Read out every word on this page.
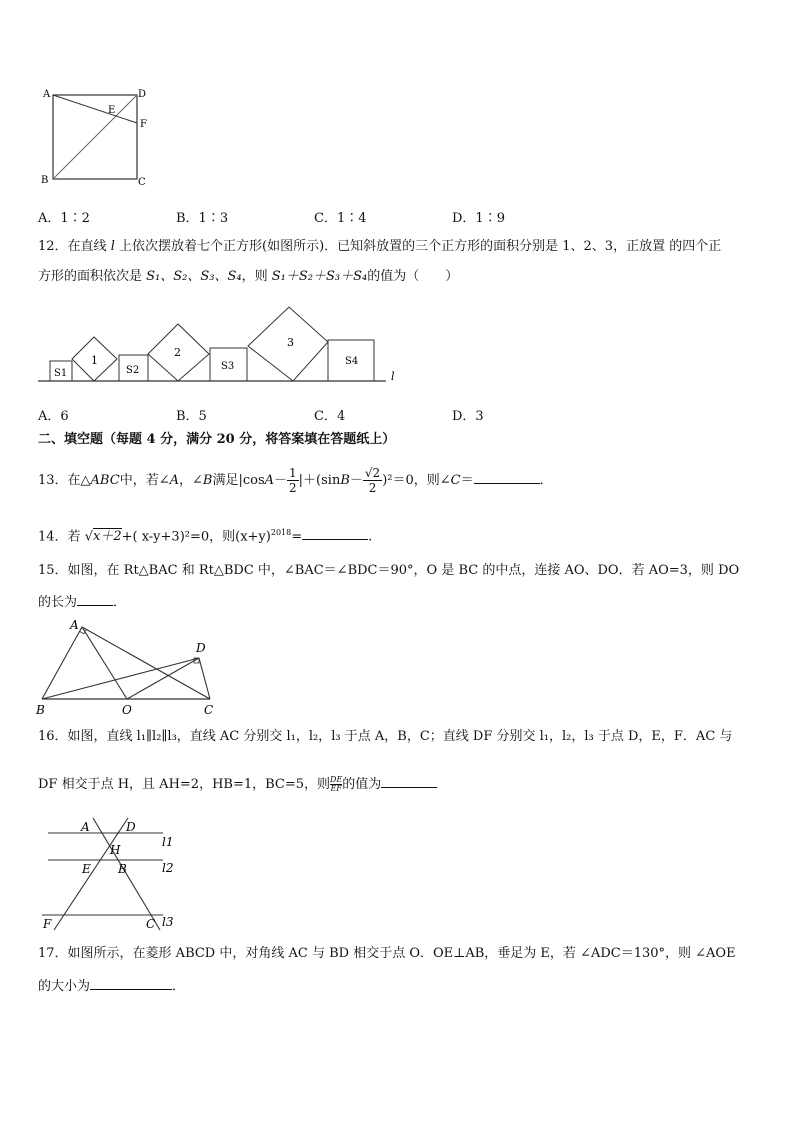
A	D
E
F
B	C
A．1∶2	B．1∶3	C．1∶4	D．1∶9
12．在直线 l 上依次摆放着七个正方形(如图所示)．已知斜放置的三个正方形的面积分别是 1、2、3，正放置 的四个正
方形的面积依次是 S₁、S₂、S₃、S₄，则 S₁＋S₂＋S₃＋S₄的值为（　　）
1
2
3
S1	S2	S3	S4
l
A．6	B．5	C．4	D．3
二、填空题（每题 4 分，满分 20 分，将答案填在答题纸上）
13．在△ABC中，若∠A，∠B满足$|\cos A- \frac{1}{2} |+(\sin B- \frac{√2}{2} )^2=0$，则∠C＝	．
14．若 √x＋2+( x-y+3)²=0，则$(x+y)^{2018}=$	.
15．如图，在 Rt△BAC 和 Rt△BDC 中，∠BAC＝∠BDC＝90°，O 是 BC 的中点，连接 AO、DO．若 AO=3，则 DO
的长为	．
A
D
B	O	C
16．如图，直线 l₁∥l₂∥l₃，直线 AC 分别交 l₁，l₂，l₃ 于点 A，B，C；直线 DF 分别交 l₁，l₂，l₃ 于点 D，E，F．AC 与
DF 相交于点 H，且 AH=2，HB=1，BC=5，则 $\frac{DE}{EF}$的值为
A	D
l1
H
E B	l2
F	C l3
17．如图所示，在菱形 ABCD 中，对角线 AC 与 BD 相交于点 O．OE⊥AB，垂足为 E，若 ∠ADC＝130°，则 ∠AOE
的大小为	．
